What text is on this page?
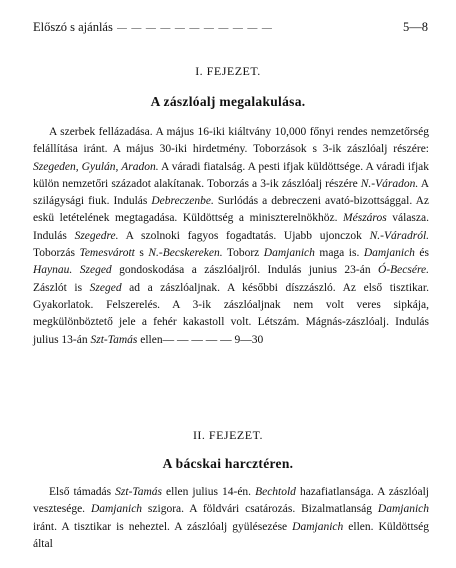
Előszó s ajánlás — — — — — — — — — — —	5—8
I. FEJEZET.
A zászlóalj megalakulása.

A szerbek fellázadása. A május 16-iki kiáltvány 10,000 főnyi rendes nemzetőrség felállítása iránt. A május 30-iki hirdetmény. Toborzások s 3-ik zászlóalj részére: Szegeden, Gyulán, Aradon. A váradi fiatalság. A pesti ifjak küldöttsége. A váradi ifjak külön nemzetőri századot alakítanak. Toborzás a 3-ik zászlóalj részére N.-Váradon. A szilágysági fiuk. Indulás Debreczenbe. Surlódás a debreczeni avató-bizottsággal. Az eskü letételének megtagadása. Küldöttség a miniszterelnökhöz. Mészáros válasza. Indulás Szegedre. A szolnoki fagyos fogadtatás. Ujabb ujonczok N.-Váradról. Toborzás Temesvárott s N.-Becskereken. Toborz Damjanich maga is. Damjanich és Haynau. Szeged gondoskodása a zászlóaljról. Indulás junius 23-án Ó-Becsére. Zászlót is Szeged ad a zászlóaljnak. A későbbi díszzászló. Az első tisztikar. Gyakorlatok. Felszerelés. A 3-ik zászlóaljnak nem volt veres sipkája, megkülönböztető jele a fehér kakastoll volt. Létszám. Mágnás-zászlóalj. Indulás julius 13-án Szt-Tamás ellen— — — — — 9—30

II. FEJEZET.
A bácskai harcztéren.

Első támadás Szt-Tamás ellen julius 14-én. Bechtold hazafiatlansága. A zászlóalj vesztesége. Damjanich szigora. A földvári csatározás. Bizalmatlanság Damjanich iránt. A tisztikar is neheztel. A zászlóalj gyülésezése Damjanich ellen. Küldöttség által
